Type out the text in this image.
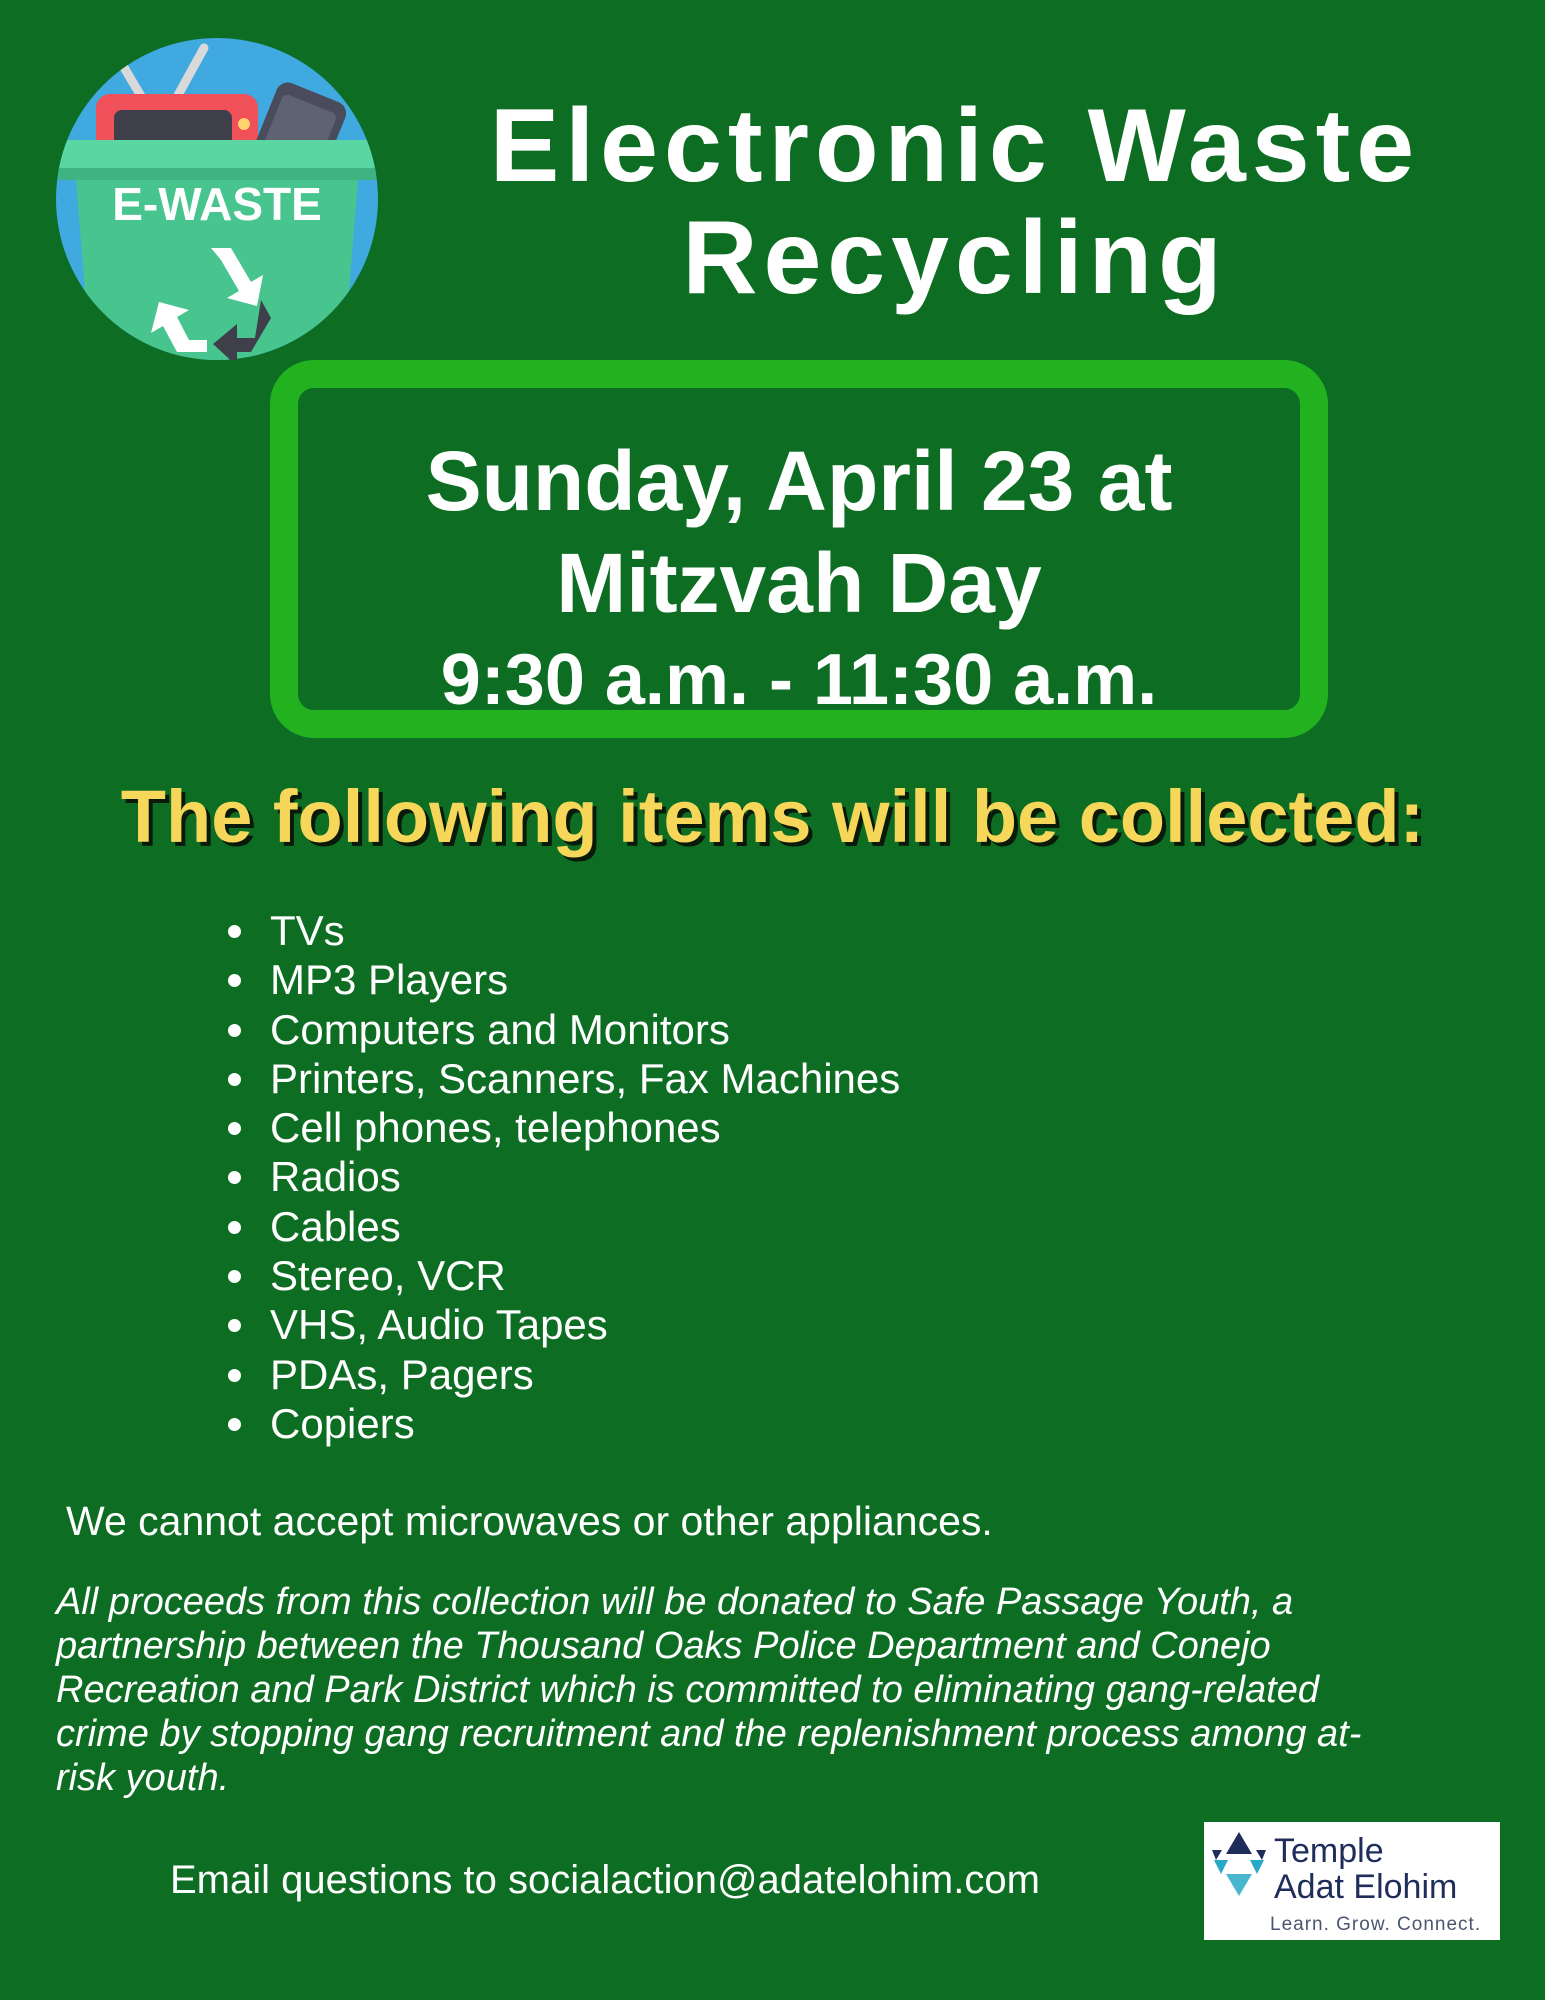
E-WASTE	Electronic Waste
Recycling
Sunday, April 23 at
Mitzvah Day
9:30 a.m. - 11:30 a.m.
The following items will be collected:
TVs
MP3 Players
Computers and Monitors
Printers, Scanners, Fax Machines
Cell phones, telephones
Radios
Cables
Stereo, VCR
VHS, Audio Tapes
PDAs, Pagers
Copiers
We cannot accept microwaves or other appliances.
All proceeds from this collection will be donated to Safe Passage Youth, a
partnership between the Thousand Oaks Police Department and Conejo
Recreation and Park District which is committed to eliminating gang-related
crime by stopping gang recruitment and the replenishment process among at-
risk youth.
Email questions to socialaction@adatelohim.com
Temple
Adat Elohim
Learn. Grow. Connect.
